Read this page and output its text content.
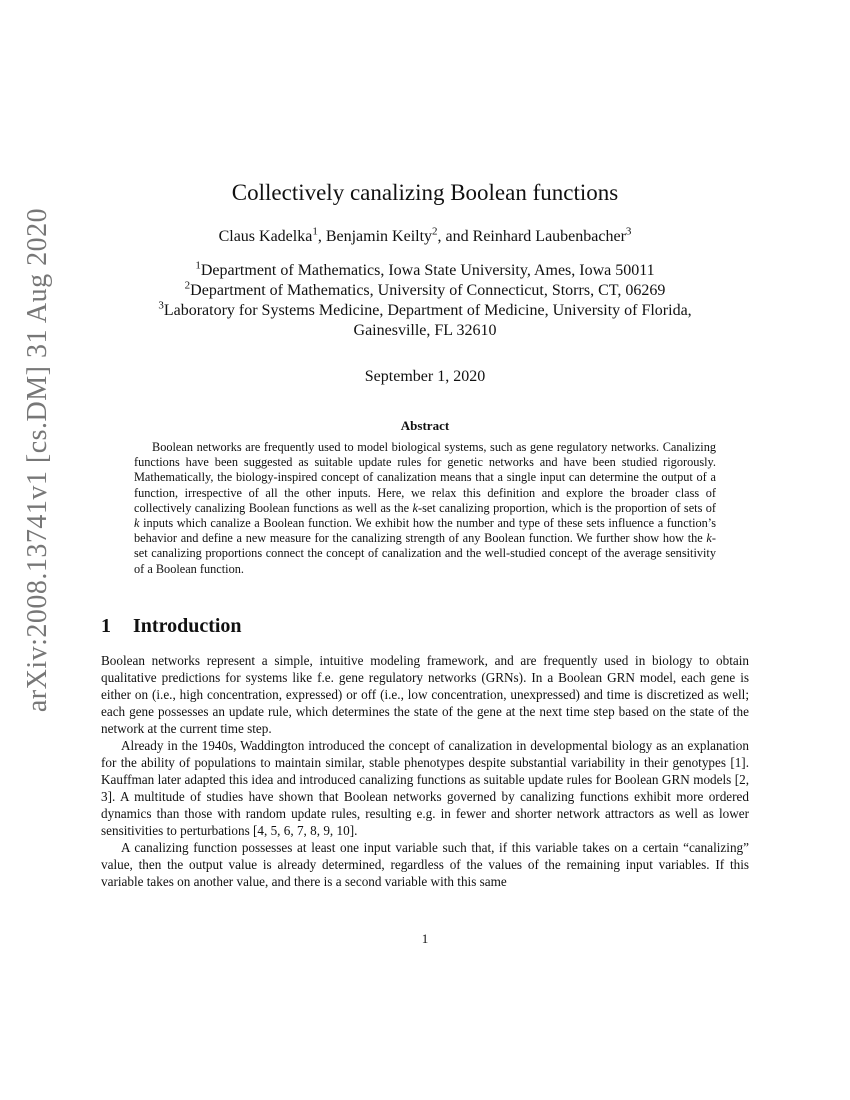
arXiv:2008.13741v1 [cs.DM] 31 Aug 2020
Collectively canalizing Boolean functions
Claus Kadelka$^1$, Benjamin Keilty$^2$, and Reinhard Laubenbacher$^3$
$^1$Department of Mathematics, Iowa State University, Ames, Iowa 50011
$^2$Department of Mathematics, University of Connecticut, Storrs, CT, 06269
$^3$Laboratory for Systems Medicine, Department of Medicine, University of Florida,
Gainesville, FL 32610
September 1, 2020
Abstract
Boolean networks are frequently used to model biological systems, such as gene regulatory networks. Canalizing functions have been suggested as suitable update rules for genetic networks and have been studied rigorously. Mathematically, the biology-inspired concept of canalization means that a single input can determine the output of a function, irrespective of all the other inputs. Here, we relax this definition and explore the broader class of collectively canalizing Boolean functions as well as the k-set canalizing proportion, which is the proportion of sets of k inputs which canalize a Boolean function. We exhibit how the number and type of these sets influence a function’s behavior and define a new measure for the canalizing strength of any Boolean function. We further show how the k-set canalizing proportions connect the concept of canalization and the well-studied concept of the average sensitivity of a Boolean function.
1 Introduction

Boolean networks represent a simple, intuitive modeling framework, and are frequently used in biology to obtain qualitative predictions for systems like f.e. gene regulatory networks (GRNs). In a Boolean GRN model, each gene is either on (i.e., high concentration, expressed) or off (i.e., low concentration, unexpressed) and time is discretized as well; each gene possesses an update rule, which determines the state of the gene at the next time step based on the state of the network at the current time step.

Already in the 1940s, Waddington introduced the concept of canalization in developmental biology as an explanation for the ability of populations to maintain similar, stable phenotypes despite substantial variability in their genotypes [1]. Kauffman later adapted this idea and introduced canalizing functions as suitable update rules for Boolean GRN models [2, 3]. A multitude of studies have shown that Boolean networks governed by canalizing functions exhibit more ordered dynamics than those with random update rules, resulting e.g. in fewer and shorter network attractors as well as lower sensitivities to perturbations [4, 5, 6, 7, 8, 9, 10].

A canalizing function possesses at least one input variable such that, if this variable takes on a certain “canalizing” value, then the output value is already determined, regardless of the values of the remaining input variables. If this variable takes on another value, and there is a second variable with this same

1
